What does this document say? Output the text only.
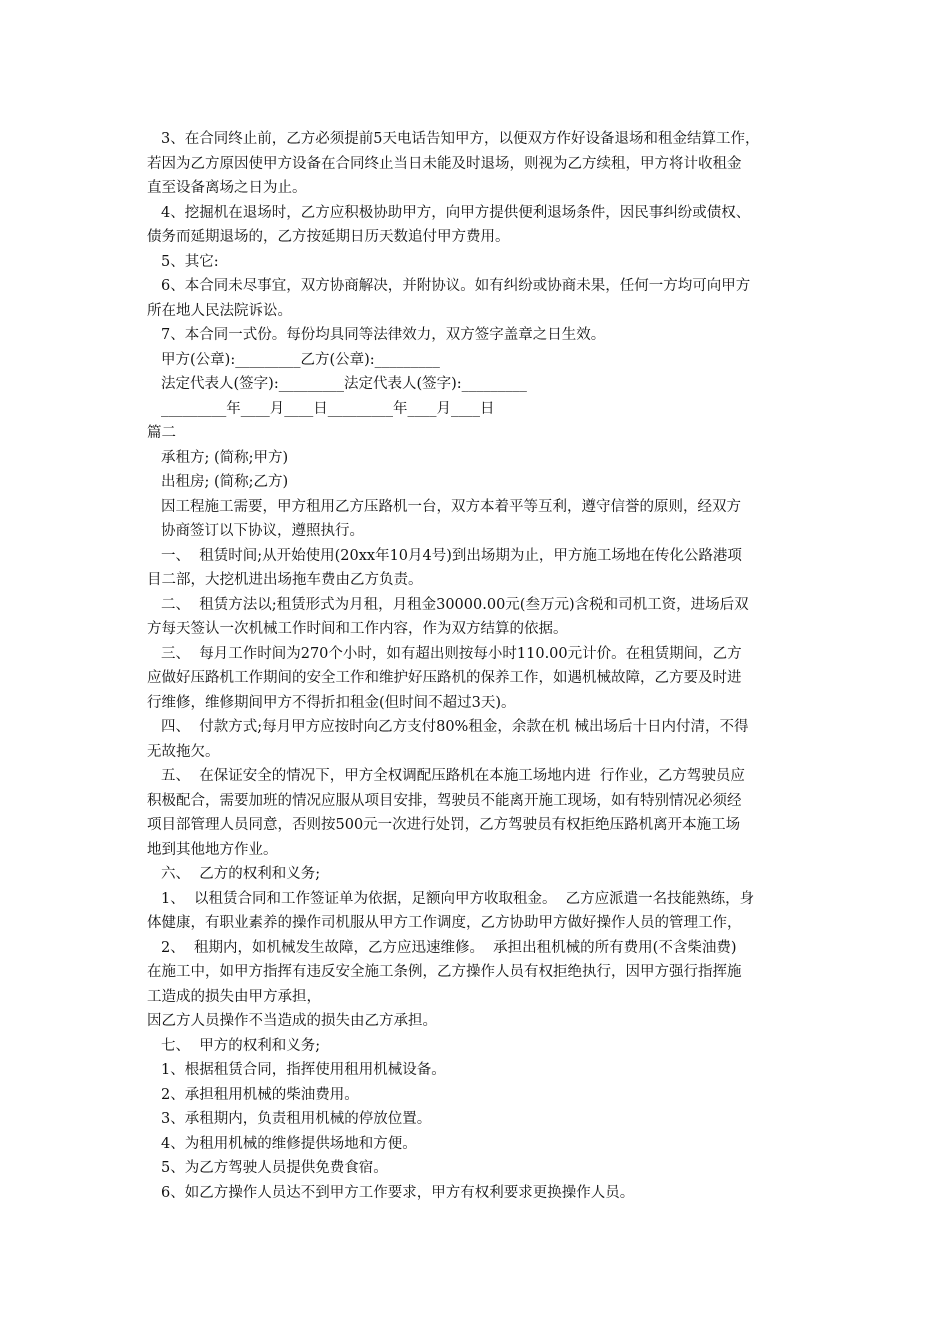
3、在合同终止前，乙方必须提前5天电话告知甲方，以便双方作好设备退场和租金结算工作，
若因为乙方原因使甲方设备在合同终止当日未能及时退场，则视为乙方续租，甲方将计收租金
直至设备离场之日为止。
4、挖掘机在退场时，乙方应积极协助甲方，向甲方提供便利退场条件，因民事纠纷或债权、
债务而延期退场的，乙方按延期日历天数追付甲方费用。
5、其它:
6、本合同未尽事宜，双方协商解决，并附协议。如有纠纷或协商未果，任何一方均可向甲方
所在地人民法院诉讼。
7、本合同一式份。每份均具同等法律效力，双方签字盖章之日生效。
甲方(公章):_________乙方(公章):_________
法定代表人(签字):_________法定代表人(签字):_________
_________年____月____日_________年____月____日
篇二
承租方; (简称;甲方)
出租房; (简称;乙方)
因工程施工需要，甲方租用乙方压路机一台，双方本着平等互利，遵守信誉的原则，经双方
协商签订以下协议，遵照执行。
一、  租赁时间;从开始使用(20xx年10月4号)到出场期为止，甲方施工场地在传化公路港项
目二部，大挖机进出场拖车费由乙方负责。
二、  租赁方法以;租赁形式为月租，月租金30000.00元(叁万元)含税和司机工资，进场后双
方每天签认一次机械工作时间和工作内容，作为双方结算的依据。
三、  每月工作时间为270个小时，如有超出则按每小时110.00元计价。在租赁期间，乙方
应做好压路机工作期间的安全工作和维护好压路机的保养工作，如遇机械故障，乙方要及时进
行维修，维修期间甲方不得折扣租金(但时间不超过3天)。
四、  付款方式;每月甲方应按时向乙方支付80%租金，余款在机 械出场后十日内付清，不得
无故拖欠。
五、  在保证安全的情况下，甲方全权调配压路机在本施工场地内进  行作业，乙方驾驶员应
积极配合，需要加班的情况应服从项目安排，驾驶员不能离开施工现场，如有特别情况必须经
项目部管理人员同意，否则按500元一次进行处罚，乙方驾驶员有权拒绝压路机离开本施工场
地到其他地方作业。
六、  乙方的权利和义务;
1、  以租赁合同和工作签证单为依据，足额向甲方收取租金。  乙方应派遣一名技能熟练，身
体健康，有职业素养的操作司机服从甲方工作调度，乙方协助甲方做好操作人员的管理工作，
2、  租期内，如机械发生故障，乙方应迅速维修。  承担出租机械的所有费用(不含柴油费)
在施工中，如甲方指挥有违反安全施工条例，乙方操作人员有权拒绝执行，因甲方强行指挥施
工造成的损失由甲方承担，
因乙方人员操作不当造成的损失由乙方承担。
七、  甲方的权利和义务;
1、根据租赁合同，指挥使用租用机械设备。
2、承担租用机械的柴油费用。
3、承租期内，负责租用机械的停放位置。
4、为租用机械的维修提供场地和方便。
5、为乙方驾驶人员提供免费食宿。
6、如乙方操作人员达不到甲方工作要求，甲方有权利要求更换操作人员。
